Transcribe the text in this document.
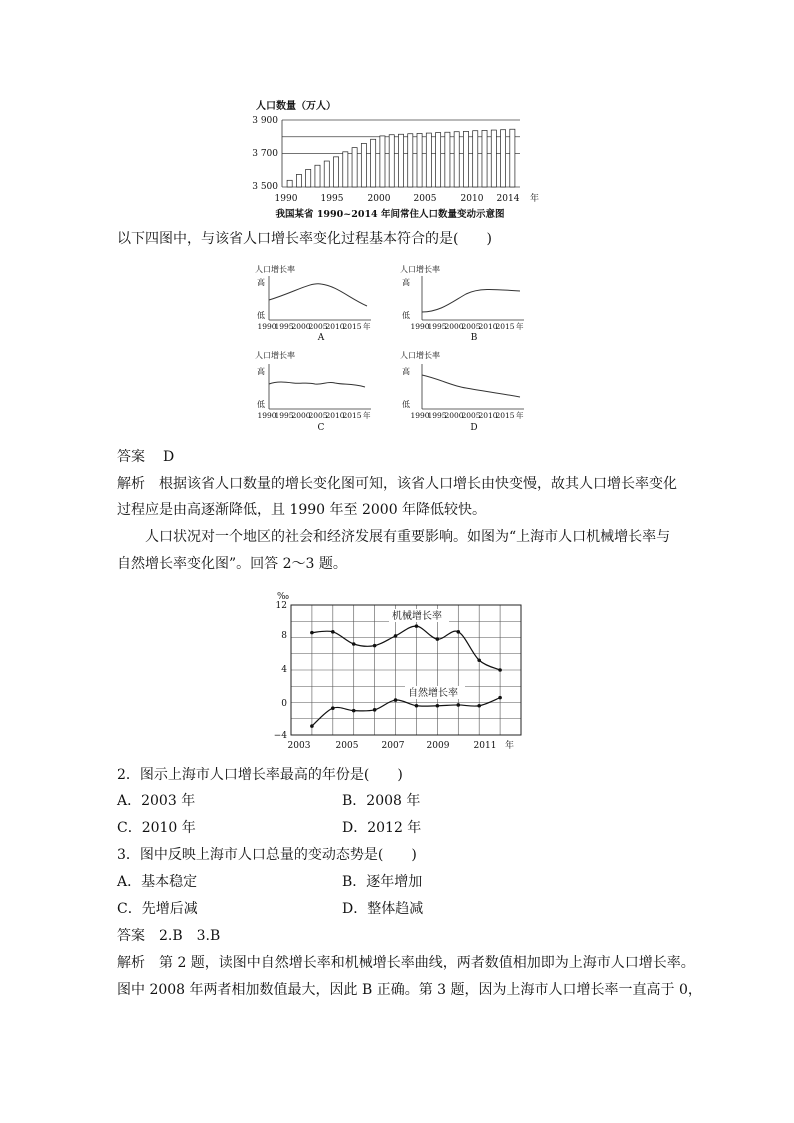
人口数量（万人）
3 900
3 700
3 500
1990	1995	2000	2005	2010 2014 年
我国某省 1990~2014 年间常住人口数量变动示意图
以下四图中，与该省人口增长率变化过程基本符合的是(　　)
人口增长率
高
低
1990
1995
2000
2005
2010
2015 年
A
人口增长率
高
低
1990
1995
2000
2005
2010
2015 年
B
人口增长率
高
低
1990
1995
2000
2005
2010
2015 年
C
人口增长率
高
低
1990
1995
2000
2005
2010
2015 年
D
答案 D
解析 根据该省人口数量的增长变化图可知，该省人口增长由快变慢，故其人口增长率变化
过程应是由高逐渐降低，且 1990 年至 2000 年降低较快。
人口状况对一个地区的社会和经济发展有重要影响。如图为“上海市人口机械增长率与
自然增长率变化图”。回答 2～3 题。
‰
12
8
4
0
−4
2003	2005	2007 2009	2011 年
机械增长率
自然增长率
2．图示上海市人口增长率最高的年份是(　　)
A．2003 年	B．2008 年
C．2010 年	D．2012 年
3．图中反映上海市人口总量的变动态势是(　　)
A．基本稳定	B．逐年增加
C．先增后减	D．整体趋减
答案 2.B　3.B
解析 第 2 题，读图中自然增长率和机械增长率曲线，两者数值相加即为上海市人口增长率。
图中 2008 年两者相加数值最大，因此 B 正确。第 3 题，因为上海市人口增长率一直高于 0，
